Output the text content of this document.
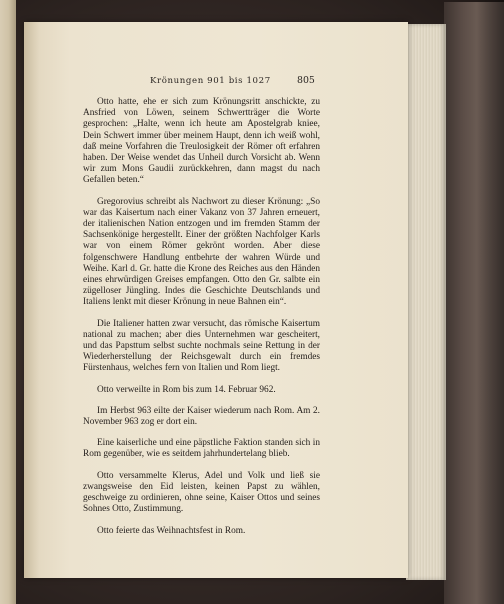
Krönungen 901 bis 1027	805

Otto hatte, ehe er sich zum Krönungsritt anschickte, zu Ansfried von Löwen, seinem Schwertträger die Worte gesprochen: „Halte, wenn ich heute am Apostelgrab kniee, Dein Schwert immer über meinem Haupt, denn ich weiß wohl, daß meine Vorfahren die Treulosigkeit der Römer oft erfahren haben. Der Weise wendet das Unheil durch Vorsicht ab. Wenn wir zum Mons Gaudii zurückkehren, dann magst du nach Gefallen beten.“

Gregorovius schreibt als Nachwort zu dieser Krönung: „So war das Kaisertum nach einer Vakanz von 37 Jahren erneuert, der italienischen Nation entzogen und im fremden Stamm der Sachsenkönige hergestellt. Einer der größten Nachfolger Karls war von einem Römer gekrönt worden. Aber diese folgenschwere Handlung entbehrte der wahren Würde und Weihe. Karl d. Gr. hatte die Krone des Reiches aus den Händen eines ehrwürdigen Greises empfangen. Otto den Gr. salbte ein zügelloser Jüngling. Indes die Geschichte Deutschlands und Italiens lenkt mit dieser Krönung in neue Bahnen ein“.

Die Italiener hatten zwar versucht, das römische Kaisertum national zu machen; aber dies Unternehmen war gescheitert, und das Papsttum selbst suchte nochmals seine Rettung in der Wiederherstellung der Reichsgewalt durch ein fremdes Fürstenhaus, welches fern von Italien und Rom liegt.

Otto verweilte in Rom bis zum 14. Februar 962.

Im Herbst 963 eilte der Kaiser wiederum nach Rom. Am 2. November 963 zog er dort ein.

Eine kaiserliche und eine päpstliche Faktion standen sich in Rom gegenüber, wie es seitdem jahrhundertelang blieb.

Otto versammelte Klerus, Adel und Volk und ließ sie zwangsweise den Eid leisten, keinen Papst zu wählen, geschweige zu ordinieren, ohne seine, Kaiser Ottos und seines Sohnes Otto, Zustimmung.

Otto feierte das Weihnachtsfest in Rom.
